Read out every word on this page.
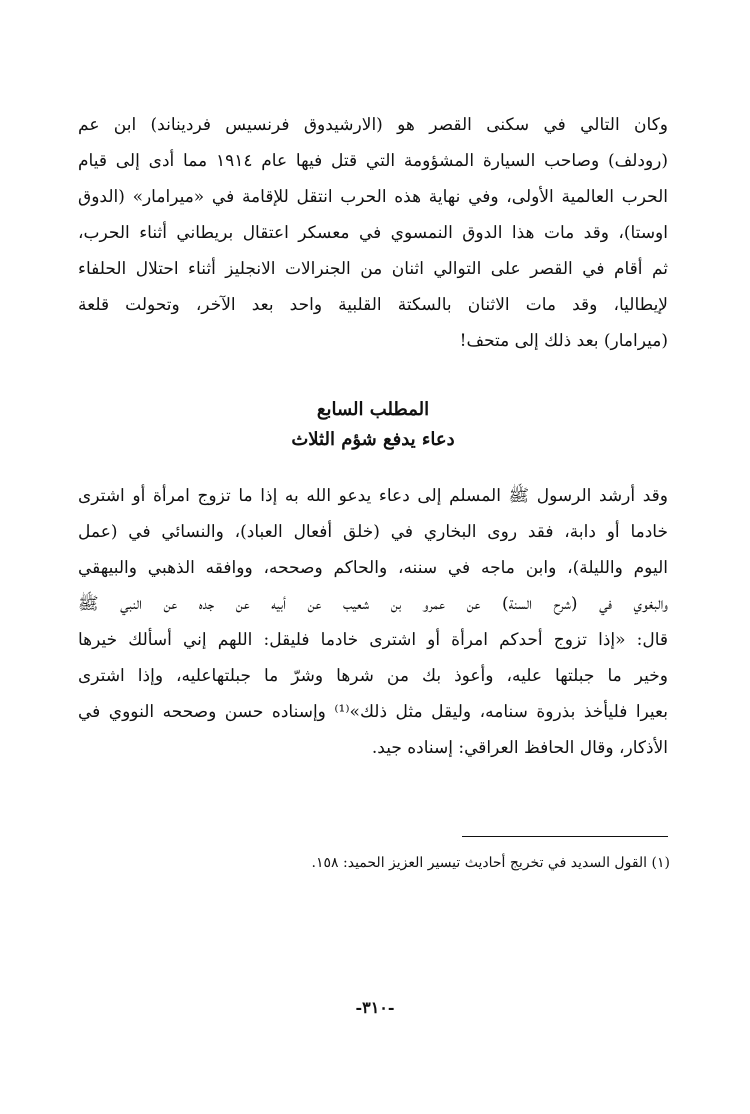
وكان التالي في سكنى القصر هو (الارشيدوق فرنسيس فردیناند) ابن عم
(رودلف) وصاحب السيارة المشؤومة التي قتل فيها عام ١٩١٤ مما أدى إلى قيام
الحرب العالمية الأولى، وفي نهاية هذه الحرب انتقل للإقامة في «ميرامار» (الدوق
اوستا)، وقد مات هذا الدوق النمسوي في معسكر اعتقال بريطاني أثناء الحرب،
ثم أقام في القصر على التوالي اثنان من الجنرالات الانجليز أثناء احتلال الحلفاء
لإيطاليا، وقد مات الاثنان بالسكتة القلبية واحد بعد الآخر، وتحولت قلعة
(ميرامار) بعد ذلك إلى متحف!
المطلب السابع
دعاء يدفع شؤم الثلاث
وقد أرشد الرسول ﷺ المسلم إلى دعاء يدعو الله به إذا ما تزوج امرأة أو اشترى
خادما أو دابة، فقد روى البخاري في (خلق أفعال العباد)، والنسائي في (عمل
اليوم والليلة)، وابن ماجه في سننه، والحاكم وصححه، ووافقه الذهبي والبيهقي
والبغوي في (شرح السنة) عن عمرو بن شعيب عن أبيه عن جده عن النبي ﷺ
قال: «إذا تزوج أحدكم امرأة أو اشترى خادما فليقل: اللهم إني أسألك خيرها
وخير ما جبلتها عليه، وأعوذ بك من شرها وشرّ ما جبلتهاعليه، وإذا اشترى
بعيرا فليأخذ بذروة سنامه، وليقل مثل ذلك»⁽¹⁾ وإسناده حسن وصححه النووي في
الأذكار، وقال الحافظ العراقي: إسناده جيد.
(١) القول السديد في تخريج أحاديث تيسير العزيز الحميد: ١٥٨.
-٣١٠-
